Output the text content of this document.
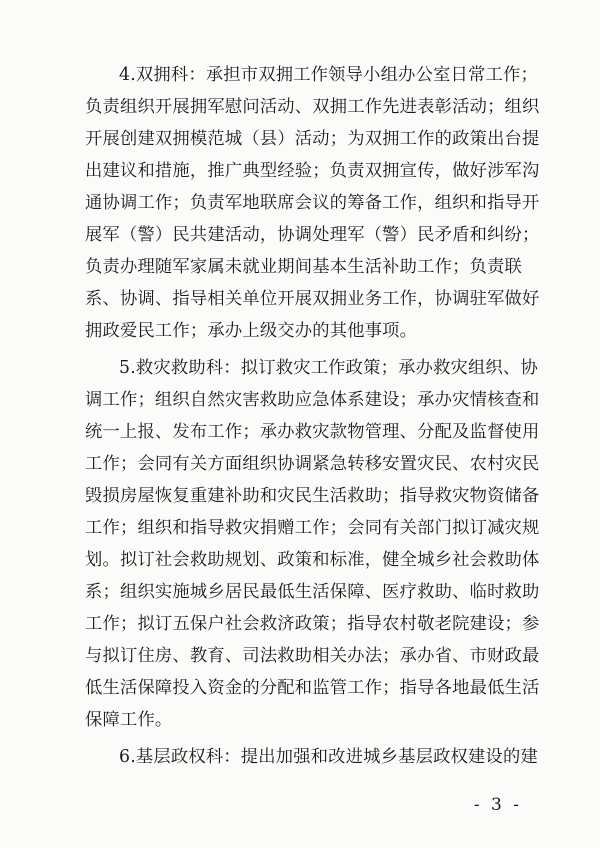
4.双拥科：承担市双拥工作领导小组办公室日常工作；
负责组织开展拥军慰问活动、双拥工作先进表彰活动；组织
开展创建双拥模范城（县）活动；为双拥工作的政策出台提
出建议和措施，推广典型经验；负责双拥宣传，做好涉军沟
通协调工作；负责军地联席会议的筹备工作，组织和指导开
展军（警）民共建活动，协调处理军（警）民矛盾和纠纷；
负责办理随军家属未就业期间基本生活补助工作；负责联
系、协调、指导相关单位开展双拥业务工作，协调驻军做好
拥政爱民工作；承办上级交办的其他事项。
5.救灾救助科：拟订救灾工作政策；承办救灾组织、协
调工作；组织自然灾害救助应急体系建设；承办灾情核查和
统一上报、发布工作；承办救灾款物管理、分配及监督使用
工作；会同有关方面组织协调紧急转移安置灾民、农村灾民
毁损房屋恢复重建补助和灾民生活救助；指导救灾物资储备
工作；组织和指导救灾捐赠工作；会同有关部门拟订减灾规
划。拟订社会救助规划、政策和标准，健全城乡社会救助体
系；组织实施城乡居民最低生活保障、医疗救助、临时救助
工作；拟订五保户社会救济政策；指导农村敬老院建设；参
与拟订住房、教育、司法救助相关办法；承办省、市财政最
低生活保障投入资金的分配和监管工作；指导各地最低生活
保障工作。
6.基层政权科：提出加强和改进城乡基层政权建设的建
- 3 -
